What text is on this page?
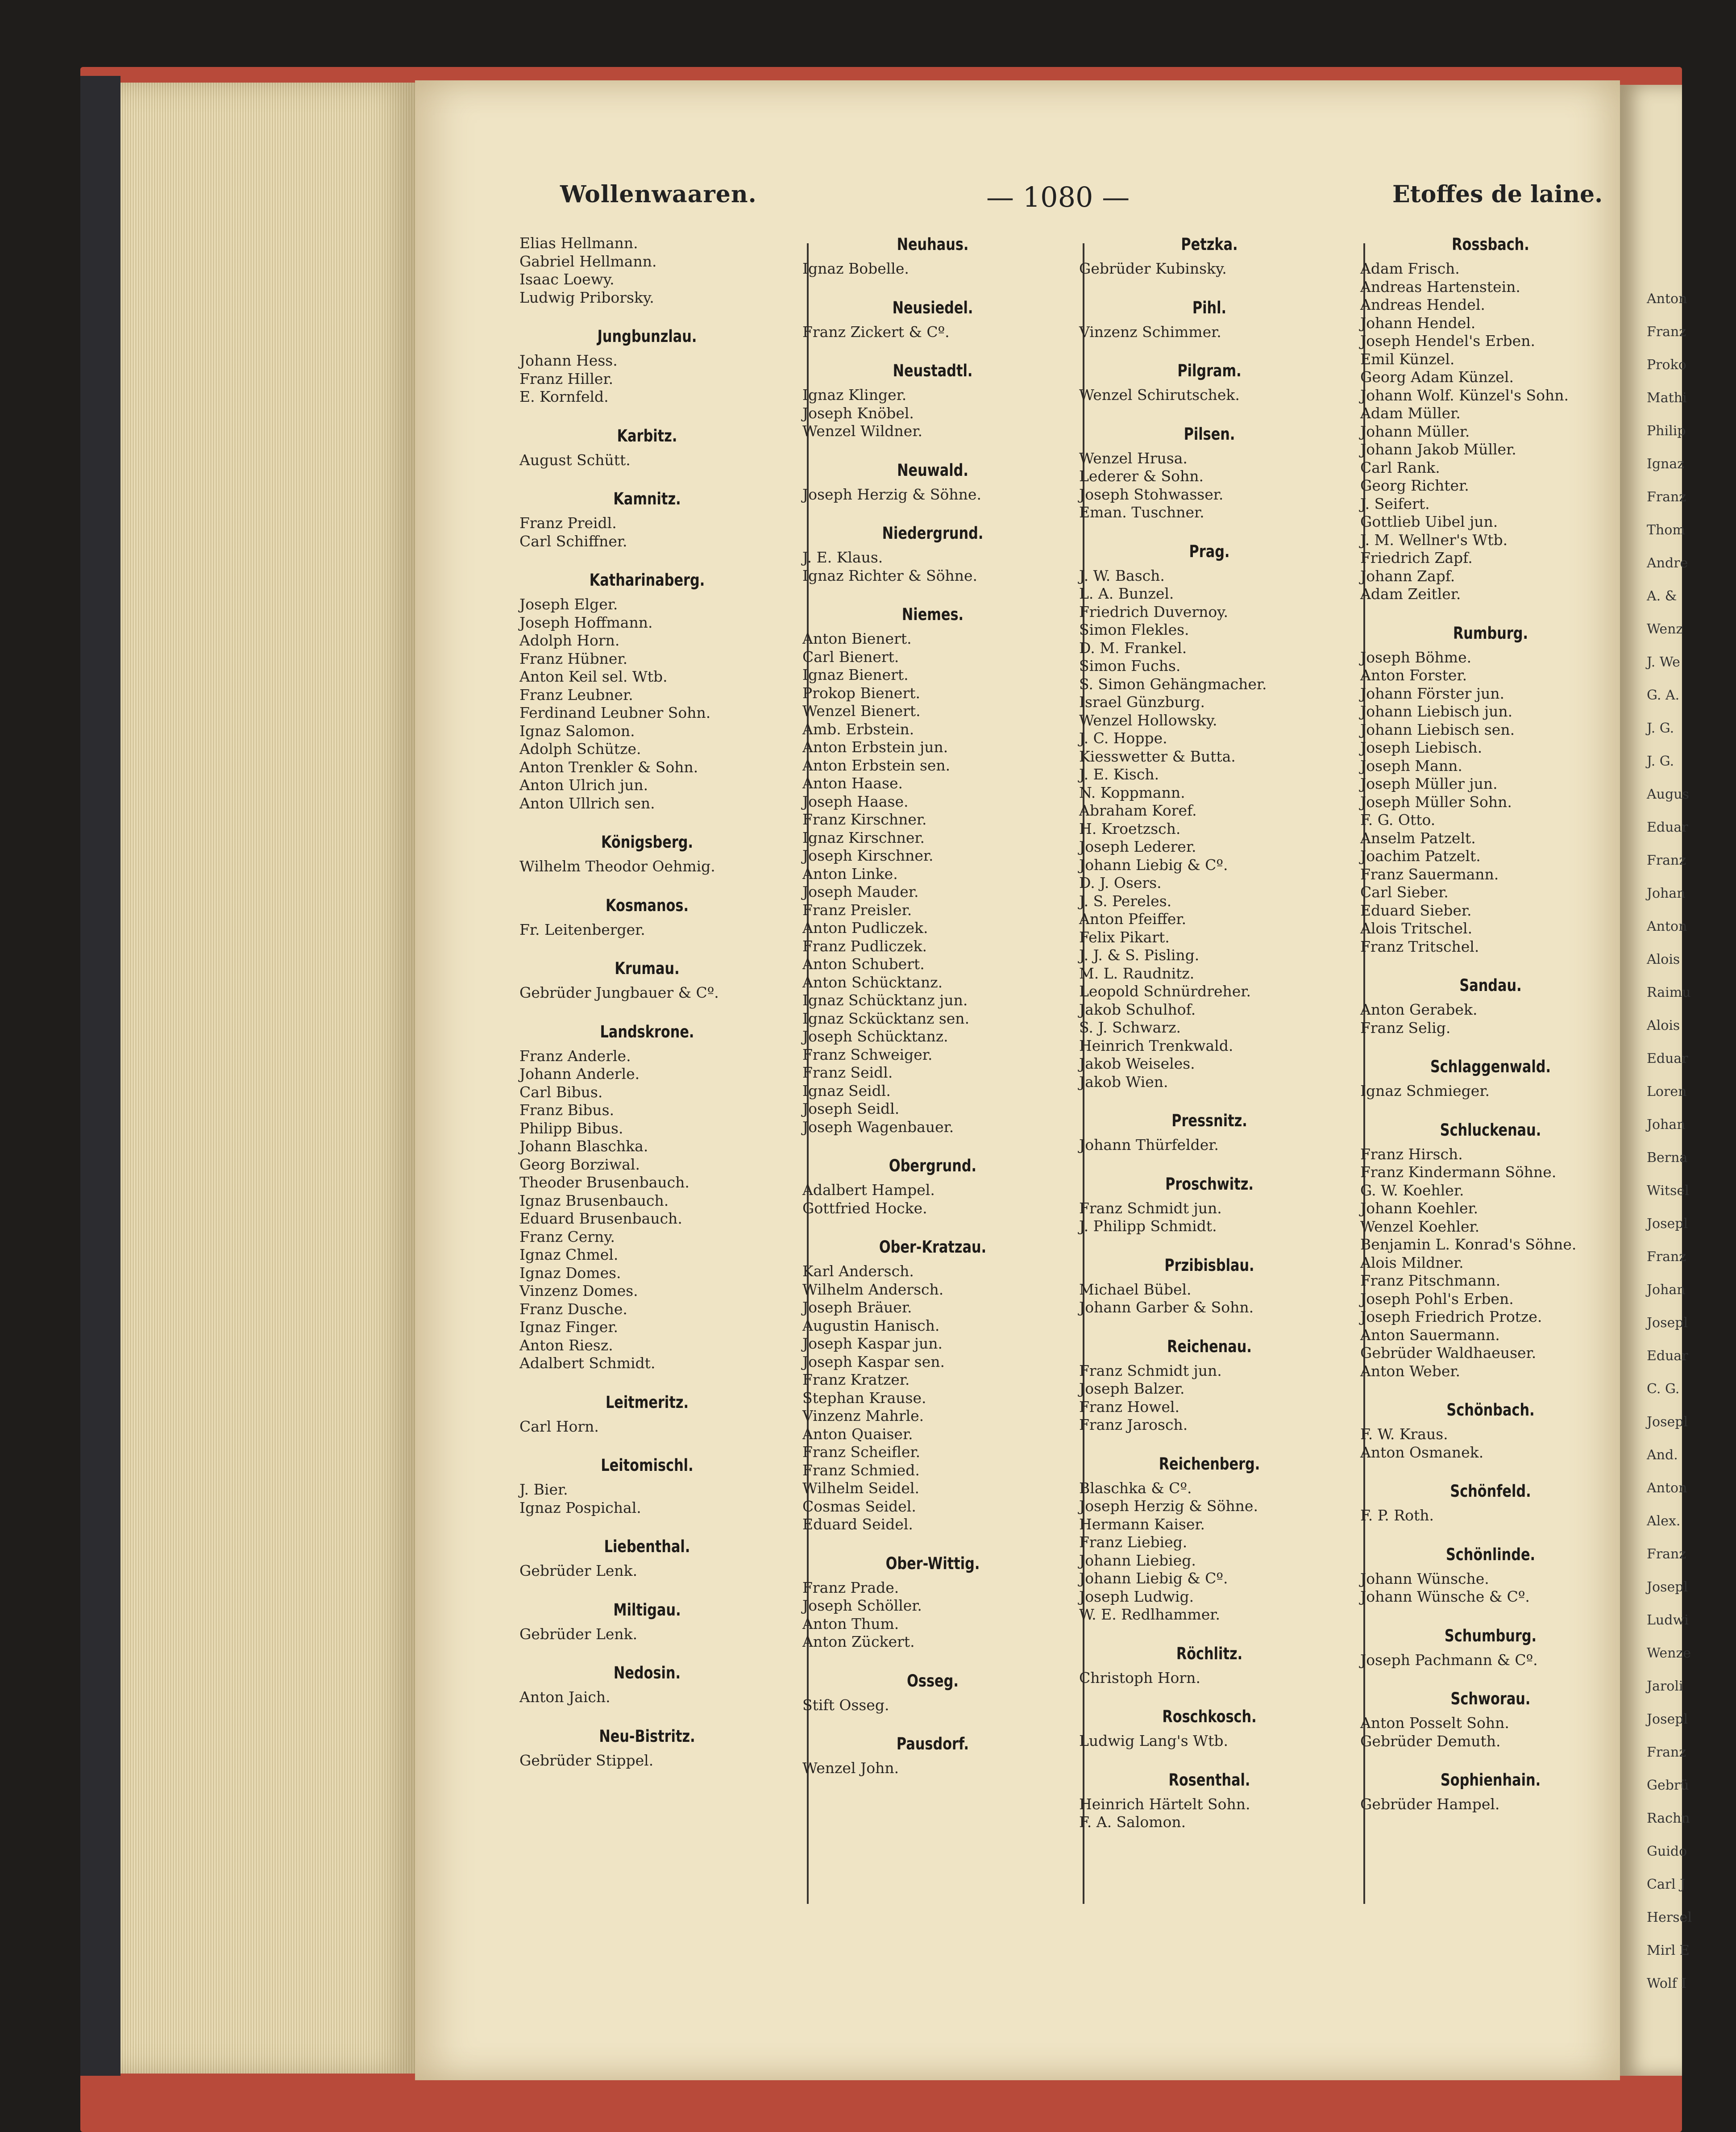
Wollenwaaren.	— 1080 —	Etoffes de laine.
Elias Hellmann.
Gabriel Hellmann.
Isaac Loewy.
Ludwig Priborsky.
Jungbunzlau.
Johann Hess.
Franz Hiller.
E. Kornfeld.
Karbitz.
August Schütt.
Kamnitz.
Franz Preidl.
Carl Schiffner.
Katharinaberg.
Joseph Elger.
Joseph Hoffmann.
Adolph Horn.
Franz Hübner.
Anton Keil sel. Wtb.
Franz Leubner.
Ferdinand Leubner Sohn.
Ignaz Salomon.
Adolph Schütze.
Anton Trenkler & Sohn.
Anton Ulrich jun.
Anton Ullrich sen.
Königsberg.
Wilhelm Theodor Oehmig.
Kosmanos.
Fr. Leitenberger.
Krumau.
Gebrüder Jungbauer & Cº.
Landskrone.
Franz Anderle.
Johann Anderle.
Carl Bibus.
Franz Bibus.
Philipp Bibus.
Johann Blaschka.
Georg Borziwal.
Theoder Brusenbauch.
Ignaz Brusenbauch.
Eduard Brusenbauch.
Franz Cerny.
Ignaz Chmel.
Ignaz Domes.
Vinzenz Domes.
Franz Dusche.
Ignaz Finger.
Anton Riesz.
Adalbert Schmidt.
Leitmeritz.
Carl Horn.
Leitomischl.
J. Bier.
Ignaz Pospichal.
Liebenthal.
Gebrüder Lenk.
Miltigau.
Gebrüder Lenk.
Nedosin.
Anton Jaich.
Neu-Bistritz.
Gebrüder Stippel.
Neuhaus.
Ignaz Bobelle.
Neusiedel.
Franz Zickert & Cº.
Neustadtl.
Ignaz Klinger.
Joseph Knöbel.
Wenzel Wildner.
Neuwald.
Joseph Herzig & Söhne.
Niedergrund.
J. E. Klaus.
Ignaz Richter & Söhne.
Niemes.
Anton Bienert.
Carl Bienert.
Ignaz Bienert.
Prokop Bienert.
Wenzel Bienert.
Amb. Erbstein.
Anton Erbstein jun.
Anton Erbstein sen.
Anton Haase.
Joseph Haase.
Franz Kirschner.
Ignaz Kirschner.
Joseph Kirschner.
Anton Linke.
Joseph Mauder.
Franz Preisler.
Anton Pudliczek.
Franz Pudliczek.
Anton Schubert.
Anton Schücktanz.
Ignaz Schücktanz jun.
Ignaz Sckücktanz sen.
Joseph Schücktanz.
Franz Schweiger.
Franz Seidl.
Ignaz Seidl.
Joseph Seidl.
Joseph Wagenbauer.
Obergrund.
Adalbert Hampel.
Gottfried Hocke.
Ober-Kratzau.
Karl Andersch.
Wilhelm Andersch.
Joseph Bräuer.
Augustin Hanisch.
Joseph Kaspar jun.
Joseph Kaspar sen.
Franz Kratzer.
Stephan Krause.
Vinzenz Mahrle.
Anton Quaiser.
Franz Scheifler.
Franz Schmied.
Wilhelm Seidel.
Cosmas Seidel.
Eduard Seidel.
Ober-Wittig.
Franz Prade.
Joseph Schöller.
Anton Thum.
Anton Zückert.
Osseg.
Stift Osseg.
Pausdorf.
Wenzel John.
Petzka.
Gebrüder Kubinsky.
Pihl.
Vinzenz Schimmer.
Pilgram.
Wenzel Schirutschek.
Pilsen.
Wenzel Hrusa.
Lederer & Sohn.
Joseph Stohwasser.
Eman. Tuschner.
Prag.
J. W. Basch.
L. A. Bunzel.
Friedrich Duvernoy.
Simon Flekles.
D. M. Frankel.
Simon Fuchs.
S. Simon Gehängmacher.
Israel Günzburg.
Wenzel Hollowsky.
J. C. Hoppe.
Kiesswetter & Butta.
J. E. Kisch.
N. Koppmann.
Abraham Koref.
H. Kroetzsch.
Joseph Lederer.
Johann Liebig & Cº.
D. J. Osers.
J. S. Pereles.
Anton Pfeiffer.
Felix Pikart.
J. J. & S. Pisling.
M. L. Raudnitz.
Leopold Schnürdreher.
Jakob Schulhof.
S. J. Schwarz.
Heinrich Trenkwald.
Jakob Weiseles.
Jakob Wien.
Pressnitz.
Johann Thürfelder.
Proschwitz.
Franz Schmidt jun.
J. Philipp Schmidt.
Przibisblau.
Michael Bübel.
Johann Garber & Sohn.
Reichenau.
Franz Schmidt jun.
Joseph Balzer.
Franz Howel.
Franz Jarosch.
Reichenberg.
Blaschka & Cº.
Joseph Herzig & Söhne.
Hermann Kaiser.
Franz Liebieg.
Johann Liebieg.
Johann Liebig & Cº.
Joseph Ludwig.
W. E. Redlhammer.
Röchlitz.
Christoph Horn.
Roschkosch.
Ludwig Lang's Wtb.
Rosenthal.
Heinrich Härtelt Sohn.
F. A. Salomon.
Rossbach.
Adam Frisch.
Andreas Hartenstein.
Andreas Hendel.
Johann Hendel.
Joseph Hendel's Erben.
Emil Künzel.
Georg Adam Künzel.
Johann Wolf. Künzel's Sohn.
Adam Müller.
Johann Müller.
Johann Jakob Müller.
Carl Rank.
Georg Richter.
J. Seifert.
Gottlieb Uibel jun.
J. M. Wellner's Wtb.
Friedrich Zapf.
Johann Zapf.
Adam Zeitler.
Rumburg.
Joseph Böhme.
Anton Forster.
Johann Förster jun.
Johann Liebisch jun.
Johann Liebisch sen.
Joseph Liebisch.
Joseph Mann.
Joseph Müller jun.
Joseph Müller Sohn.
F. G. Otto.
Anselm Patzelt.
Joachim Patzelt.
Franz Sauermann.
Carl Sieber.
Eduard Sieber.
Alois Tritschel.
Franz Tritschel.
Sandau.
Anton Gerabek.
Franz Selig.
Schlaggenwald.
Ignaz Schmieger.
Schluckenau.
Franz Hirsch.
Franz Kindermann Söhne.
G. W. Koehler.
Johann Koehler.
Wenzel Koehler.
Benjamin L. Konrad's Söhne.
Alois Mildner.
Franz Pitschmann.
Joseph Pohl's Erben.
Joseph Friedrich Protze.
Anton Sauermann.
Gebrüder Waldhaeuser.
Anton Weber.
Schönbach.
F. W. Kraus.
Anton Osmanek.
Schönfeld.
F. P. Roth.
Schönlinde.
Johann Wünsche.
Johann Wünsche & Cº.
Schumburg.
Joseph Pachmann & Cº.
Schworau.
Anton Posselt Sohn.
Gebrüder Demuth.
Sophienhain.
Gebrüder Hampel.
Anton
Franz
Proko
Mathi
Philip
Ignaz
Franz
Thom
Andre
A. &
Wenz
J. We
G. A.
J. G.
J. G.
Augus
Eduar
Franz
Johan
Anton
Alois
Raimu
Alois
Eduar
Loren
Johan
Berna
Witsel
Josepl
Franz
Johan
Josepl
Eduar
C. G.
Josepl
And.
Anton
Alex.
Franz
Josepl
Ludwi
Wenze
Jaroli
Josepl
Franz
Gebrü
Rachn
Guido
Carl J
Hersel
Mirl E
Wolf I
